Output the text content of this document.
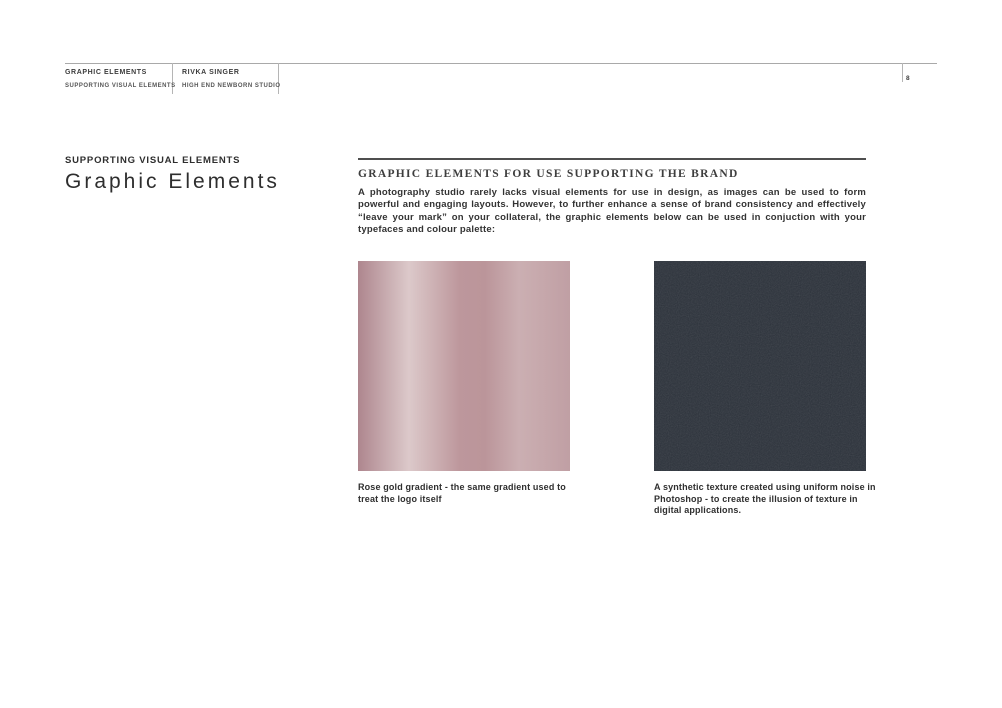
GRAPHIC ELEMENTS
SUPPORTING VISUAL ELEMENTS
RIVKA SINGER
HIGH END NEWBORN STUDIO
8
SUPPORTING VISUAL ELEMENTS
Graphic Elements	GRAPHIC ELEMENTS FOR USE SUPPORTING THE BRAND
A photography studio rarely lacks visual elements for use in design, as images can be used to form powerful and engaging layouts. However, to further enhance a sense of brand consistency and effectively “leave your mark” on your collateral, the graphic elements below can be used in conjuction with your typefaces and colour palette:
Rose gold gradient - the same gradient used to treat the logo itself
A synthetic texture created using uniform noise in Photoshop - to create the illusion of texture in digital applications.
